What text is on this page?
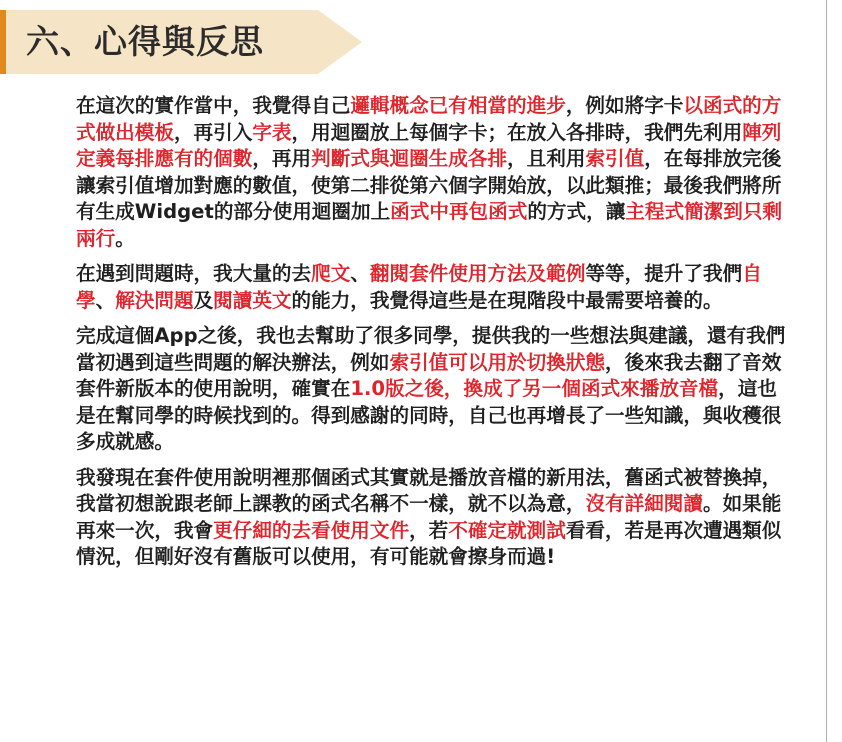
六、心得與反思

在這次的實作當中，我覺得自己邏輯概念已有相當的進步，例如將字卡以函式的方式做出模板，再引入字表，用迴圈放上每個字卡；在放入各排時，我們先利用陣列定義每排應有的個數，再用判斷式與迴圈生成各排，且利用索引值，在每排放完後讓索引值增加對應的數值，使第二排從第六個字開始放，以此類推；最後我們將所有生成Widget的部分使用迴圈加上函式中再包函式的方式，讓主程式簡潔到只剩兩行。

在遇到問題時，我大量的去爬文、翻閱套件使用方法及範例等等，提升了我們自學、解決問題及閱讀英文的能力，我覺得這些是在現階段中最需要培養的。

完成這個App之後，我也去幫助了很多同學，提供我的一些想法與建議，還有我們當初遇到這些問題的解決辦法，例如索引值可以用於切換狀態，後來我去翻了音效套件新版本的使用說明，確實在1.0版之後，換成了另一個函式來播放音檔，這也是在幫同學的時候找到的。得到感謝的同時，自己也再增長了一些知識，與收穫很多成就感。

我發現在套件使用說明裡那個函式其實就是播放音檔的新用法，舊函式被替換掉，我當初想說跟老師上課教的函式名稱不一樣，就不以為意，沒有詳細閱讀。如果能再來一次，我會更仔細的去看使用文件，若不確定就測試看看，若是再次遭遇類似情況，但剛好沒有舊版可以使用，有可能就會擦身而過!
